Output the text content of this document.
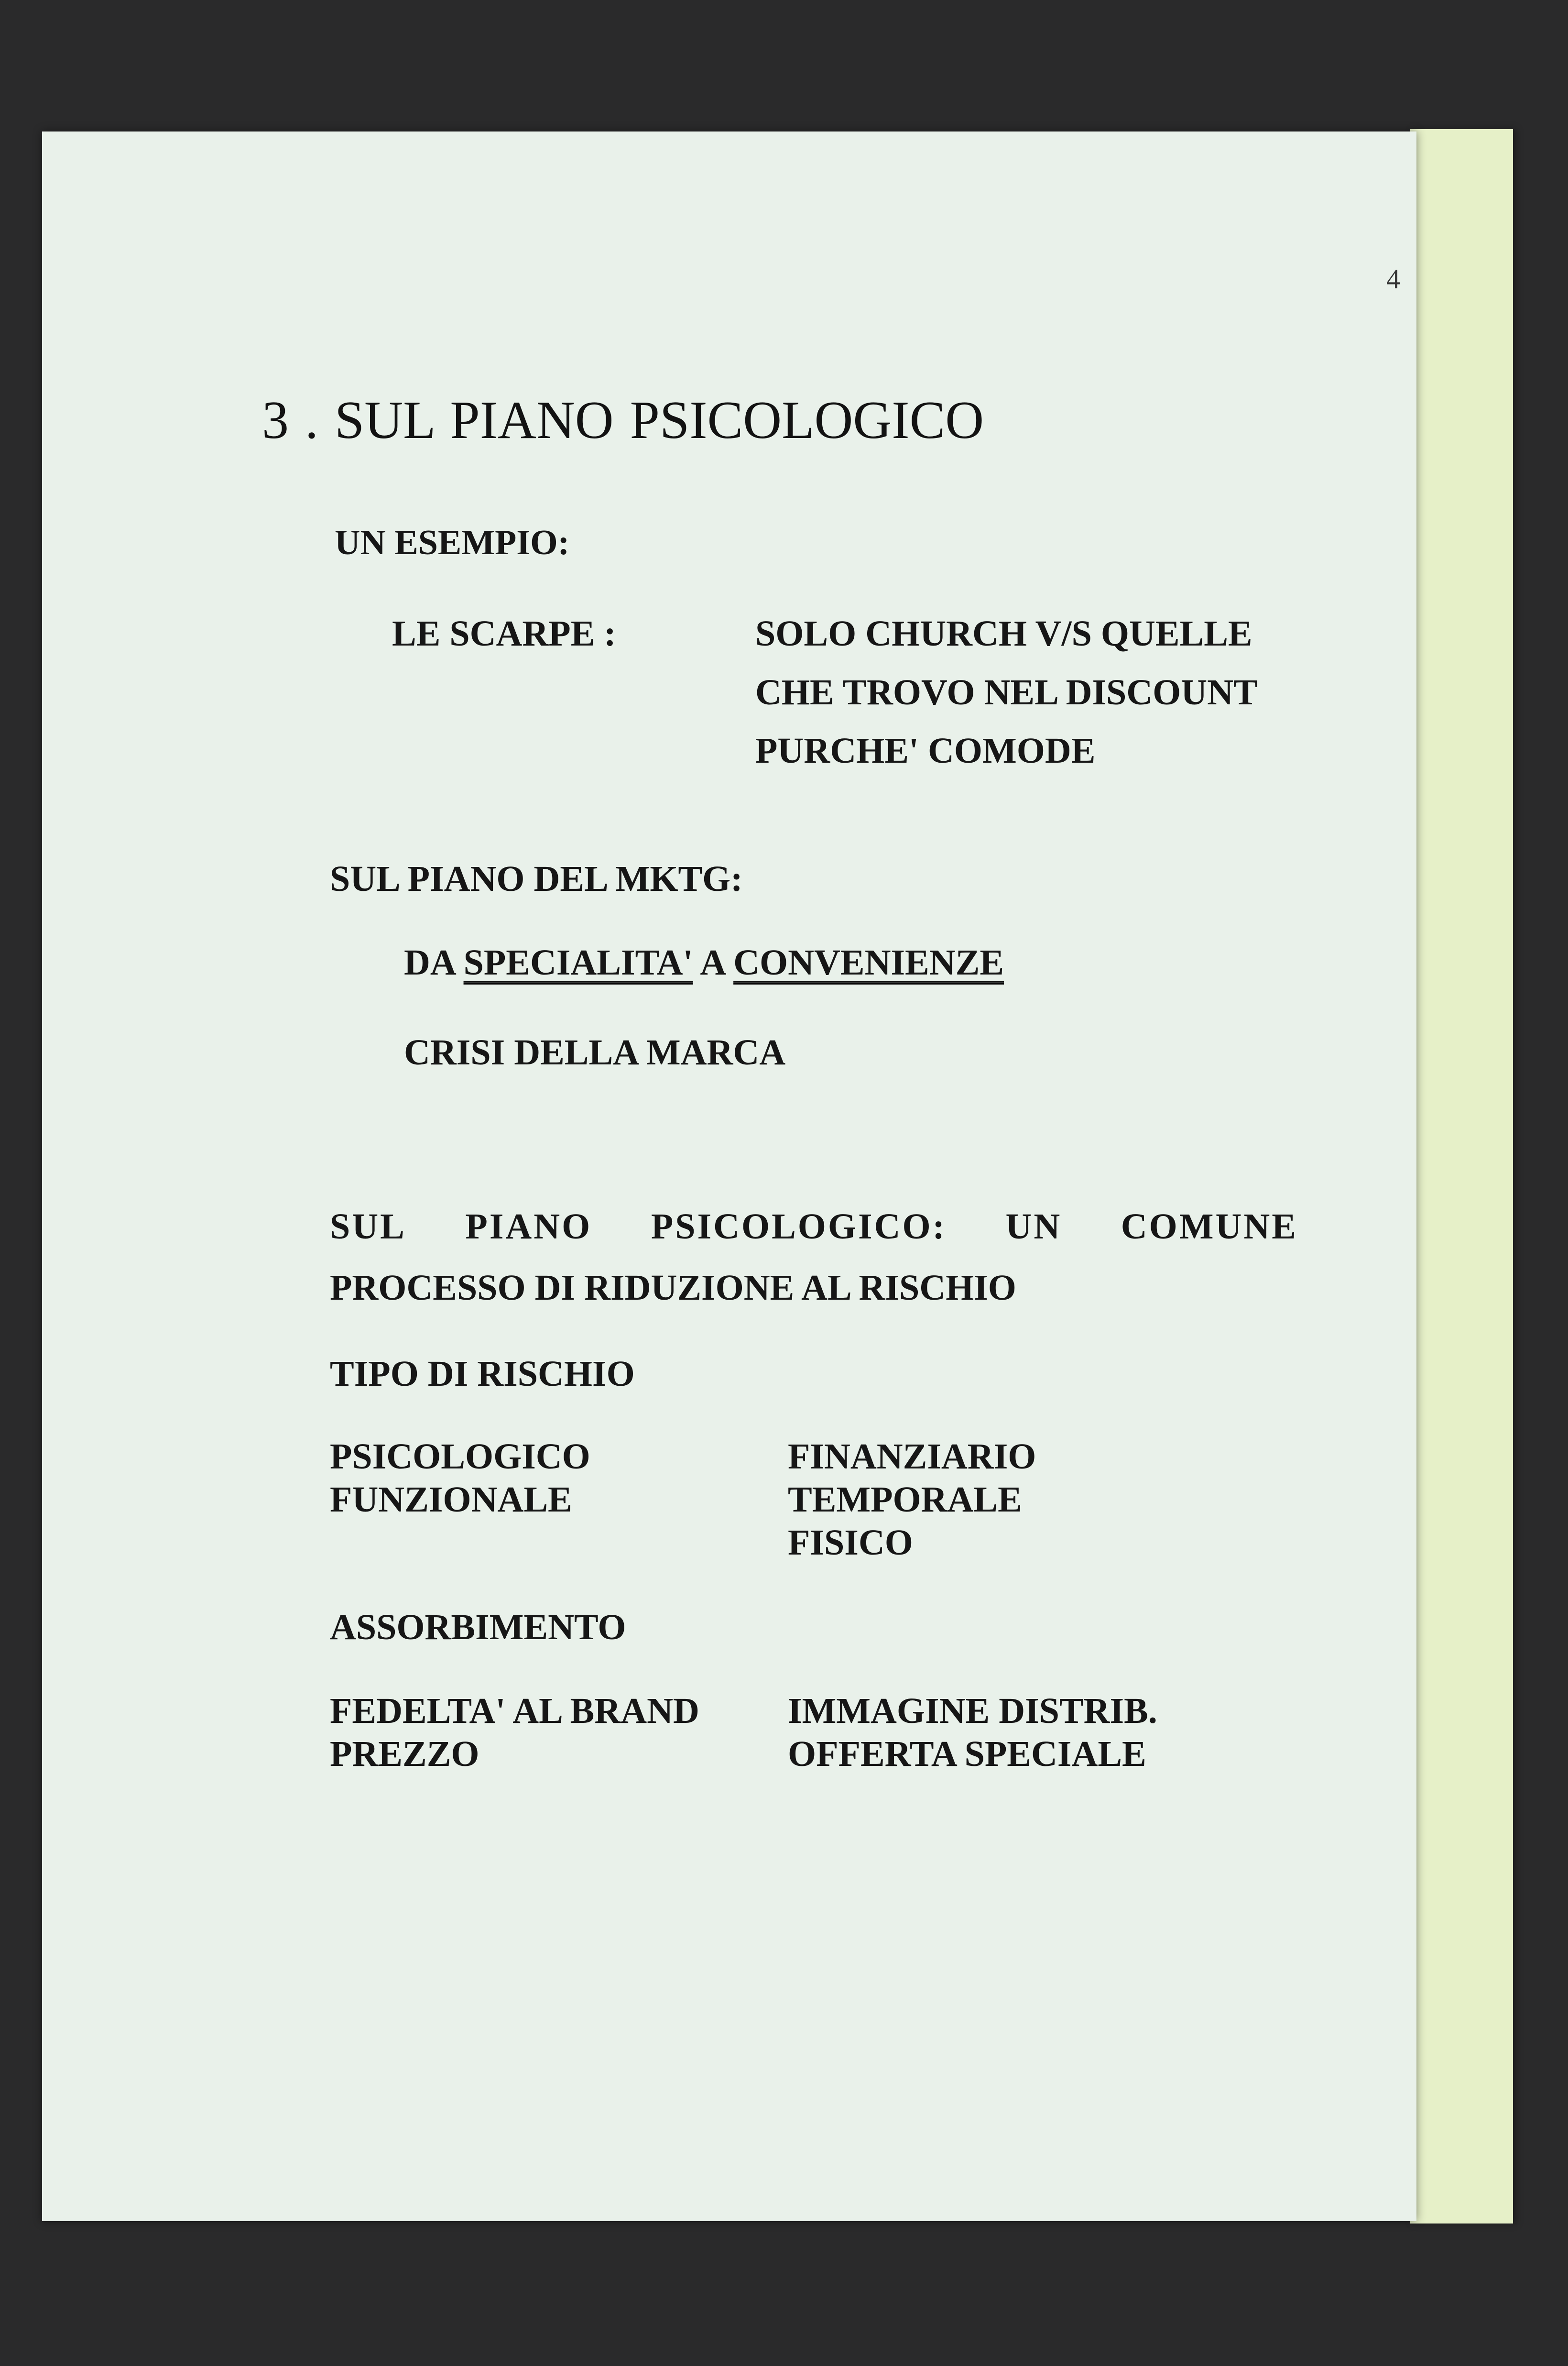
4
3 . SUL PIANO PSICOLOGICO
UN ESEMPIO:
LE SCARPE :	SOLO CHURCH V/S QUELLE
CHE TROVO NEL DISCOUNT
PURCHE' COMODE
SUL PIANO DEL MKTG:
DA SPECIALITA' A CONVENIENZE
CRISI DELLA MARCA
SUL PIANO PSICOLOGICO: UN COMUNE
PROCESSO DI RIDUZIONE AL RISCHIO
TIPO DI RISCHIO
PSICOLOGICO
FUNZIONALE
FINANZIARIO
TEMPORALE
FISICO
ASSORBIMENTO
FEDELTA' AL BRAND
PREZZO
IMMAGINE DISTRIB.
OFFERTA SPECIALE
